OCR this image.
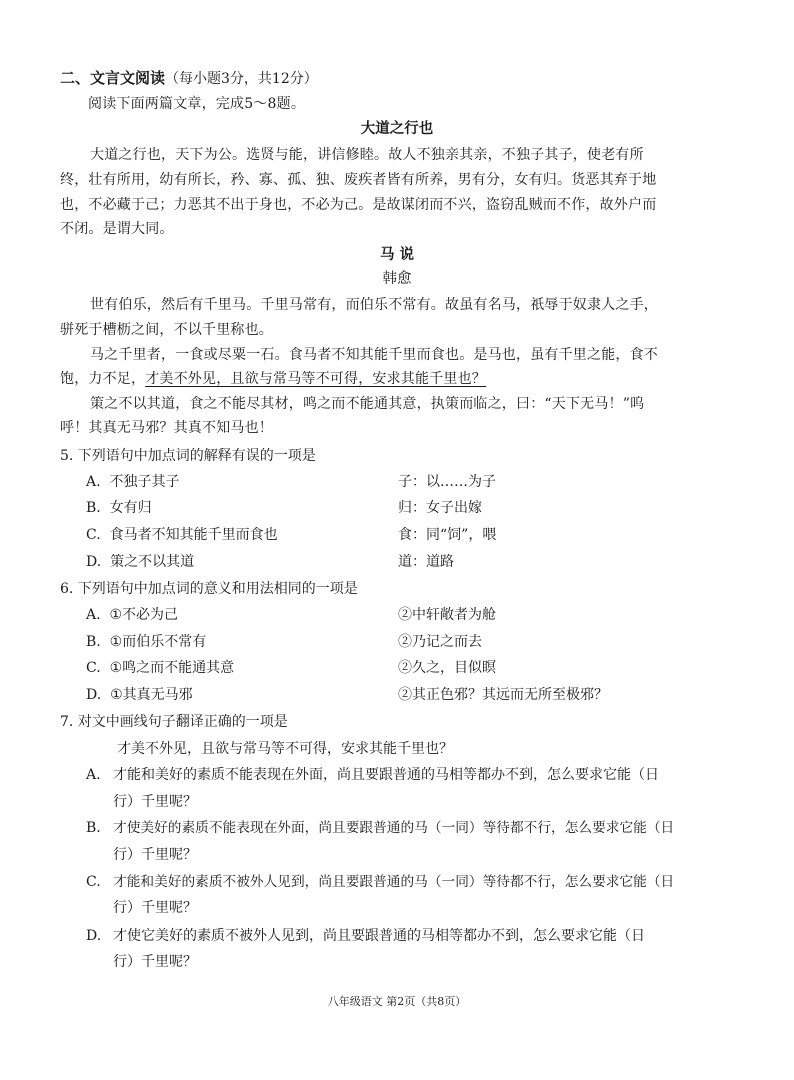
二、文言文阅读（每小题3分，共12分）
阅读下面两篇文章，完成5～8题。
大道之行也
大道之行也，天下为公。选贤与能，讲信修睦。故人不独亲其亲，不独子其子，使老有所
终，壮有所用，幼有所长，矜、寡、孤、独、废疾者皆有所养，男有分，女有归。货恶其弃于地
也，不必藏于己；力恶其不出于身也，不必为己。是故谋闭而不兴，盗窃乱贼而不作，故外户而
不闭。是谓大同。
马 说
韩愈
世有伯乐，然后有千里马。千里马常有，而伯乐不常有。故虽有名马，祇辱于奴隶人之手，
骈死于槽枥之间，不以千里称也。
马之千里者，一食或尽粟一石。食马者不知其能千里而食也。是马也，虽有千里之能，食不
饱，力不足，才美不外见，且欲与常马等不可得，安求其能千里也？
策之不以其道，食之不能尽其材，鸣之而不能通其意，执策而临之，曰：“天下无马！”呜
呼！其真无马邪？其真不知马也！
5. 下列语句中加点词的解释有误的一项是
A. 不独子其子	子：以……为子
B. 女有归	归：女子出嫁
C. 食马者不知其能千里而食也	食：同“饲”，喂
D. 策之不以其道	道：道路
6. 下列语句中加点词的意义和用法相同的一项是
A. ①不必为己	②中轩敞者为舱
B. ①而伯乐不常有	②乃记之而去
C. ①鸣之而不能通其意	②久之，目似瞑
D. ①其真无马邪	②其正色邪？其远而无所至极邪？
7. 对文中画线句子翻译正确的一项是
才美不外见，且欲与常马等不可得，安求其能千里也？
A. 才能和美好的素质不能表现在外面，尚且要跟普通的马相等都办不到，怎么要求它能（日
行）千里呢？
B. 才使美好的素质不能表现在外面，尚且要跟普通的马（一同）等待都不行，怎么要求它能（日
行）千里呢？
C. 才能和美好的素质不被外人见到，尚且要跟普通的马（一同）等待都不行，怎么要求它能（日
行）千里呢？
D. 才使它美好的素质不被外人见到，尚且要跟普通的马相等都办不到，怎么要求它能（日
行）千里呢？
八年级语文 第2页（共8页）
